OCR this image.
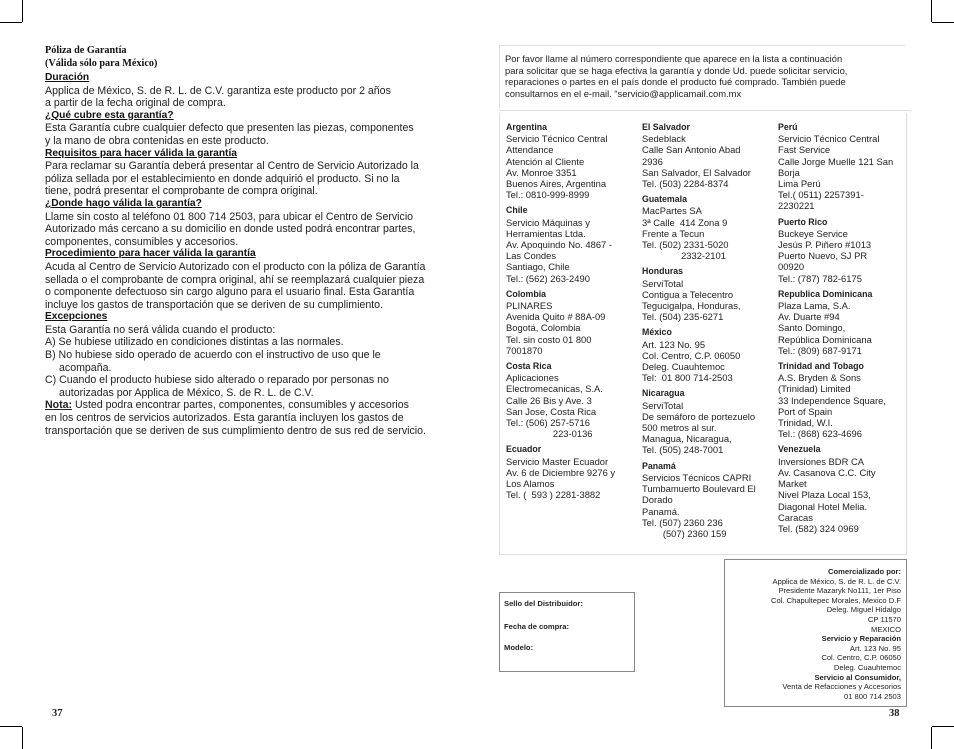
Póliza de Garantía
(Válida sólo para México)
Duración
Applica de México, S. de R. L. de C.V. garantiza este producto por 2 años
a partir de la fecha original de compra.
¿Qué cubre esta garantía?
Esta Garantía cubre cualquier defecto que presenten las piezas, componentes
y la mano de obra contenidas en este producto.
Requisitos para hacer válida la garantía
Para reclamar su Garantía deberá presentar al Centro de Servicio Autorizado la
póliza sellada por el establecimiento en donde adquirió el producto. Si no la
tiene, podrá presentar el comprobante de compra original.
¿Donde hago válida la garantía?
Llame sin costo al teléfono 01 800 714 2503, para ubicar el Centro de Servicio
Autorizado más cercano a su domicilio en donde usted podrá encontrar partes,
componentes, consumibles y accesorios.
Procedimiento para hacer válida la garantía
Acuda al Centro de Servicio Autorizado con el producto con la póliza de Garantía
sellada o el comprobante de compra original, ahí se reemplazará cualquier pieza
o componente defectuoso sin cargo alguno para el usuario final. Esta Garantía
incluye los gastos de transportación que se deriven de su cumplimiento.
Excepciones
Esta Garantía no será válida cuando el producto:
A) Se hubiese utilizado en condiciones distintas a las normales.
B) No hubiese sido operado de acuerdo con el instructivo de uso que le
acompaña.
C) Cuando el producto hubiese sido alterado o reparado por personas no
autorizadas por Applica de México, S. de R. L. de C.V.
Nota: Usted podra encontrar partes, componentes, consumibles y accesorios
en los centros de servicios autorizados. Esta garantía incluyen los gastos de
transportación que se deriven de sus cumplimiento dentro de sus red de servicio.
37
Por favor llame al número correspondiente que aparece en la lista a continuación
para solicitar que se haga efectiva la garantía y donde Ud. puede solicitar servicio,
reparaciones o partes en el país donde el producto fué comprado. También puede
consultarnos en el e-mail. “servicio@applicamail.com.mx
Argentina
Servicio Técnico Central
Attendance
Atención al Cliente
Av. Monroe 3351
Buenos Aires, Argentina
Tel.: 0810-999-8999
Chile
Servicio Máquinas y
Herramientas Ltda.
Av. Apoquindo No. 4867 -
Las Condes
Santiago, Chile
Tel.: (562) 263-2490
Colombia
PLINARES
Avenida Quito # 88A-09
Bogotá, Colombia
Tel. sin costo 01 800
7001870
Costa Rica
Aplicaciones
Electromecanicas, S.A.
Calle 26 Bis y Ave. 3
San Jose, Costa Rica
Tel.: (506) 257-5716
223-0136
Ecuador
Servicio Master Ecuador
Av. 6 de Diciembre 9276 y
Los Alamos
Tel. (  593 ) 2281-3882
El Salvador
Sedeblack
Calle San Antonio Abad
2936
San Salvador, El Salvador
Tel. (503) 2284-8374
Guatemala
MacPartes SA
3ª Calle  414 Zona 9
Frente a Tecun
Tel. (502) 2331-5020
2332-2101
Honduras
ServiTotal
Contigua a Telecentro
Tegucigalpa, Honduras,
Tel. (504) 235-6271
México
Art. 123 No. 95
Col. Centro, C.P. 06050
Deleg. Cuauhtemoc
Tel:  01 800 714-2503
Nicaragua
ServiTotal
De semáforo de portezuelo
500 metros al sur.
Managua, Nicaragua,
Tel. (505) 248-7001
Panamá
Servicios Técnicos CAPRI
Tumbamuerto Boulevard El
Dorado
Panamá.
Tel. (507) 2360 236
(507) 2360 159
Perú
Servicio Técnico Central
Fast Service
Calle Jorge Muelle 121 San
Borja
Lima Perú
Tel.( 0511) 2257391-
2230221
Puerto Rico
Buckeye Service
Jesús P. Piñero #1013
Puerto Nuevo, SJ PR
00920
Tel.: (787) 782-6175
Republica Dominicana
Plaza Lama, S.A.
Av. Duarte #94
Santo Domingo,
República Dominicana
Tel.: (809) 687-9171
Trinidad and Tobago
A.S. Bryden & Sons
(Trinidad) Limited
33 Independence Square,
Port of Spain
Trinidad, W.I.
Tel.: (868) 623-4696
Venezuela
Inversiones BDR CA
Av. Casanova C.C. City
Market
Nivel Plaza Local 153,
Diagonal Hotel Melia.
Caracas
Tel. (582) 324 0969
Sello del Distribuidor:
Fecha de compra:
Modelo:
Comercializado por:
Applica de México, S. de R. L. de C.V.
Presidente Mazaryk No111, 1er Piso
Col. Chapultepec Morales, Mexico D.F
Deleg. Miguel Hidalgo
CP 11570
MEXICO
Servicio y Reparación
Art. 123 No. 95
Col. Centro, C.P. 06050
Deleg. Cuauhtemoc
Servicio al Consumidor,
Venta de Refacciones y Accesorios
01 800 714 2503
38
